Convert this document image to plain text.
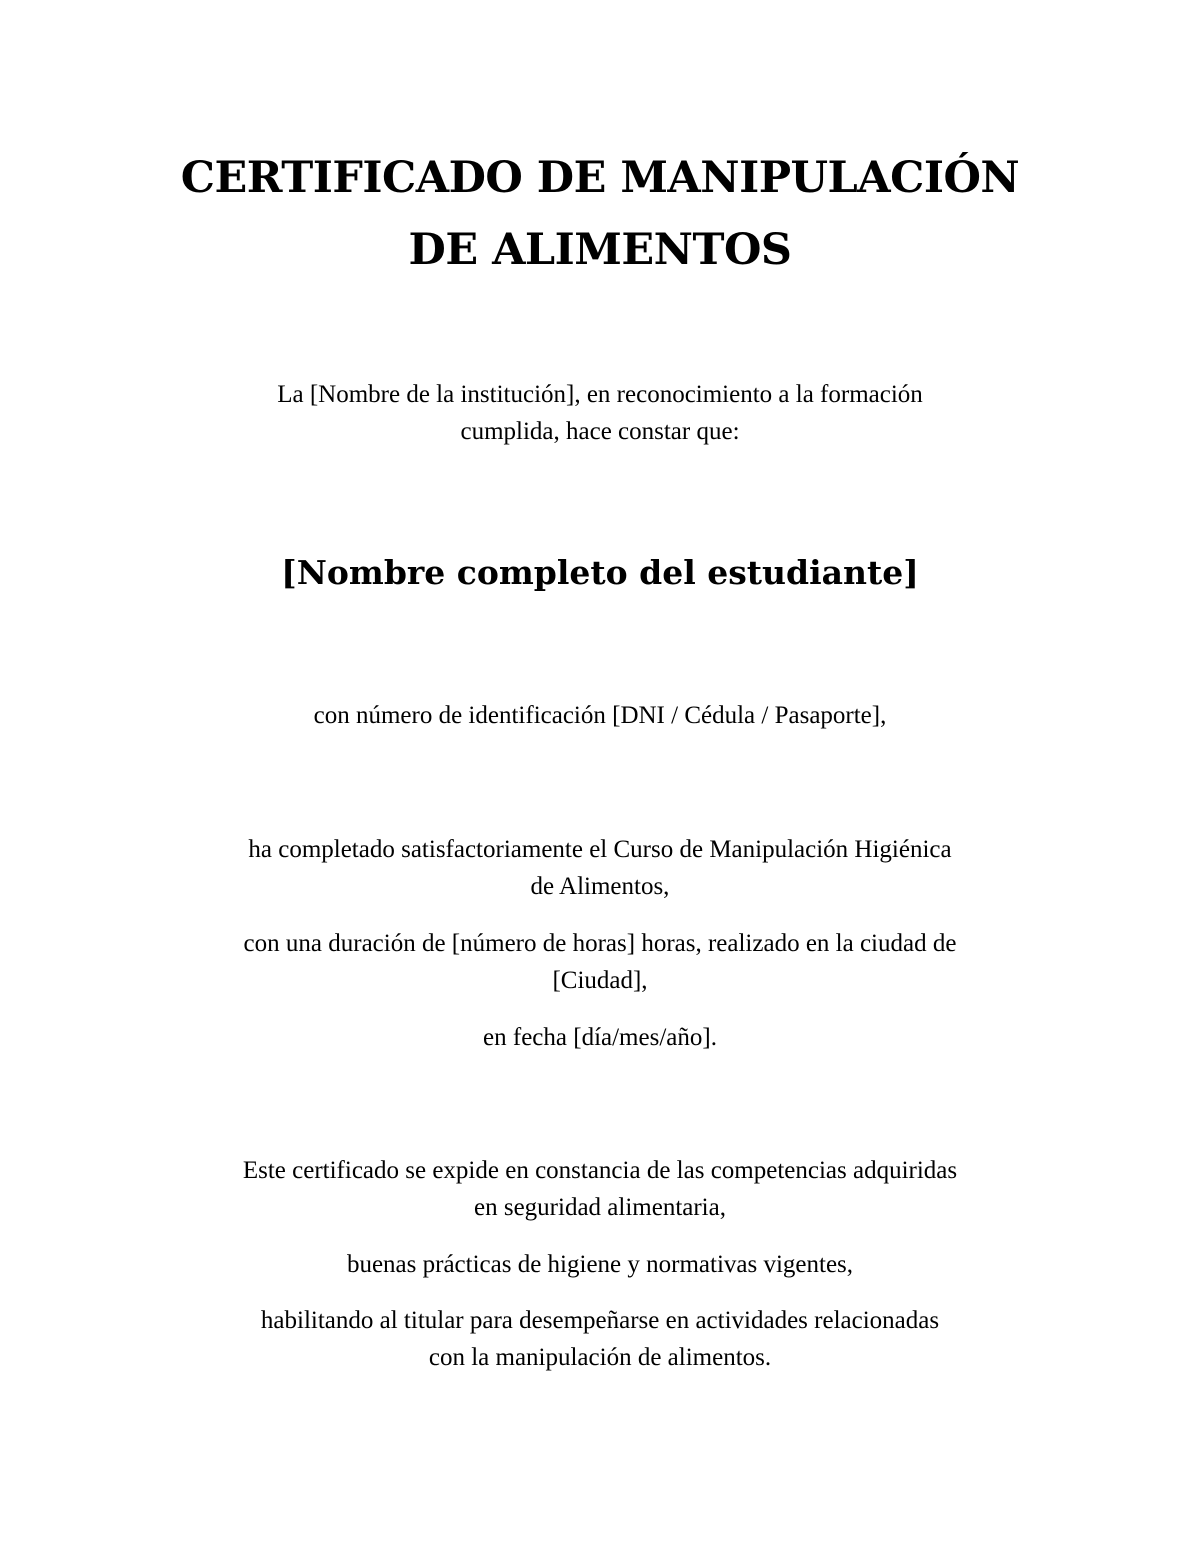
CERTIFICADO DE MANIPULACIÓN
DE ALIMENTOS

La [Nombre de la institución], en reconocimiento a la formación
cumplida, hace constar que:

[Nombre completo del estudiante]

con número de identificación [DNI / Cédula / Pasaporte],

ha completado satisfactoriamente el Curso de Manipulación Higiénica
de Alimentos,

con una duración de [número de horas] horas, realizado en la ciudad de
[Ciudad],

en fecha [día/mes/año].

Este certificado se expide en constancia de las competencias adquiridas
en seguridad alimentaria,

buenas prácticas de higiene y normativas vigentes,

habilitando al titular para desempeñarse en actividades relacionadas
con la manipulación de alimentos.
